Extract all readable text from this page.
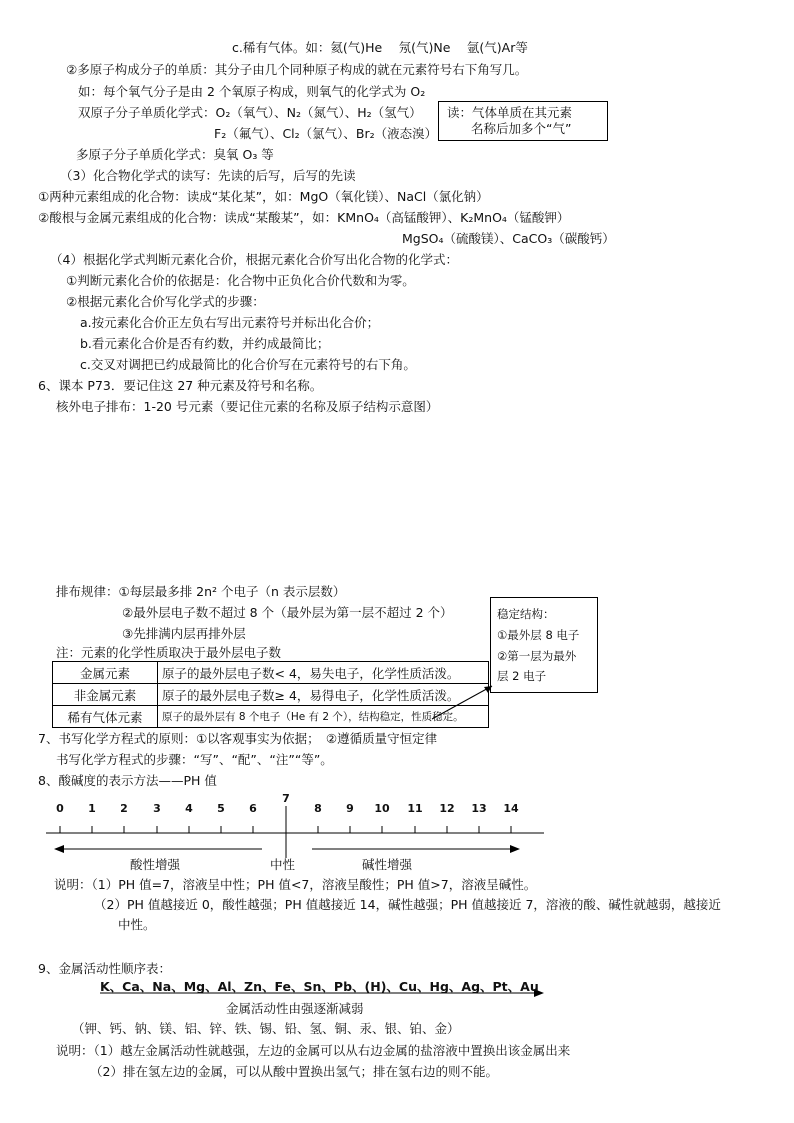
c.稀有气体。如：氦(气)He　 氖(气)Ne　 氩(气)Ar等
②多原子构成分子的单质：其分子由几个同种原子构成的就在元素符号右下角写几。
如：每个氧气分子是由 2 个氧原子构成，则氧气的化学式为 O₂
双原子分子单质化学式：O₂（氧气）、N₂（氮气）、H₂（氢气）
F₂（氟气）、Cl₂（氯气）、Br₂（液态溴）
多原子分子单质化学式：臭氧 O₃ 等
读：气体单质在其元素
名称后加多个“气”
（3）化合物化学式的读写：先读的后写，后写的先读
①两种元素组成的化合物：读成“某化某”，如：MgO（氧化镁）、NaCl（氯化钠）
②酸根与金属元素组成的化合物：读成“某酸某”，如：KMnO₄（高锰酸钾）、K₂MnO₄（锰酸钾）
MgSO₄（硫酸镁）、CaCO₃（碳酸钙）
（4）根据化学式判断元素化合价，根据元素化合价写出化合物的化学式：
①判断元素化合价的依据是：化合物中正负化合价代数和为零。
②根据元素化合价写化学式的步骤：
a.按元素化合价正左负右写出元素符号并标出化合价；
b.看元素化合价是否有约数，并约成最简比；
c.交叉对调把已约成最简比的化合价写在元素符号的右下角。
6、课本 P73．要记住这 27 种元素及符号和名称。
核外电子排布：1-20 号元素（要记住元素的名称及原子结构示意图）
排布规律：①每层最多排 2n² 个电子（n 表示层数）
②最外层电子数不超过 8 个（最外层为第一层不超过 2 个）
③先排满内层再排外层
注：元素的化学性质取决于最外层电子数
稳定结构：
①最外层 8 电子
②第一层为最外
层 2 电子
金属元素	原子的最外层电子数< 4，易失电子，化学性质活泼。
非金属元素	原子的最外层电子数≥ 4，易得电子，化学性质活泼。
稀有气体元素	原子的最外层有 8 个电子（He 有 2 个），结构稳定，性质稳定。
7、书写化学方程式的原则：①以客观事实为依据；　②遵循质量守恒定律
书写化学方程式的步骤：“写”、“配”、“注”“等”。
8、酸碱度的表示方法——PH 值
0	1	2	3	4	5	6
7
8	9	10 11 12 13 14
酸性增强	中性	碱性增强
说明：（1）PH 值=7，溶液呈中性；PH 值<7，溶液呈酸性；PH 值>7，溶液呈碱性。
（2）PH 值越接近 0，酸性越强；PH 值越接近 14，碱性越强；PH 值越接近 7，溶液的酸、碱性就越弱，越接近
中性。
9、金属活动性顺序表：
K、Ca、Na、Mg、Al、Zn、Fe、Sn、Pb、(H)、Cu、Hg、Ag、Pt、Au
金属活动性由强逐渐减弱
（钾、钙、钠、镁、铝、锌、铁、锡、铅、氢、铜、汞、银、铂、金）
说明：（1）越左金属活动性就越强，左边的金属可以从右边金属的盐溶液中置换出该金属出来
（2）排在氢左边的金属，可以从酸中置换出氢气；排在氢右边的则不能。
